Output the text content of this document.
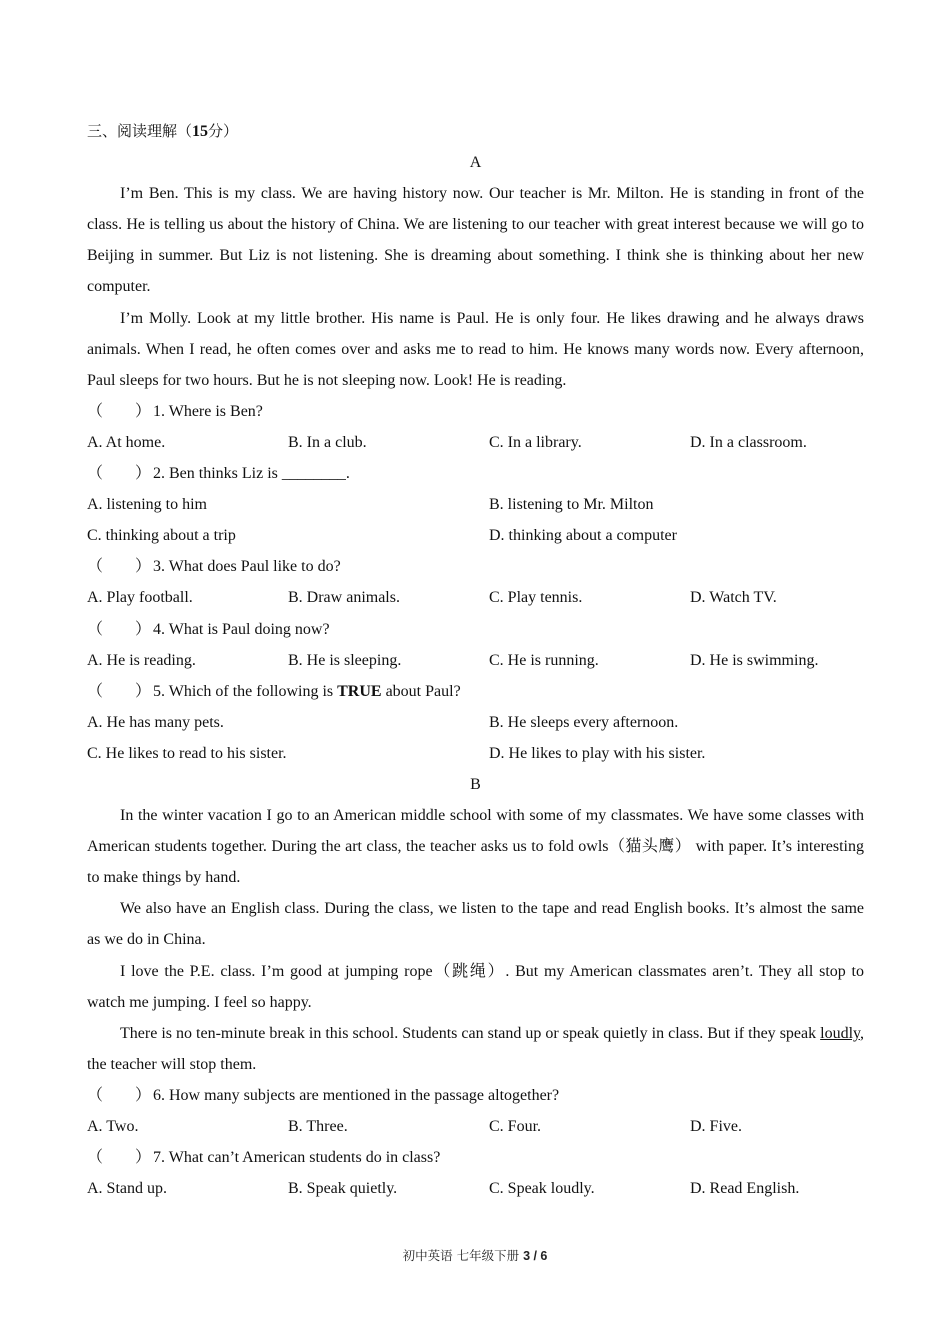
三、阅读理解（15分）
A
I’m Ben. This is my class. We are having history now. Our teacher is Mr. Milton. He is standing in front of the class. He is telling us about the history of China. We are listening to our teacher with great interest because we will go to Beijing in summer. But Liz is not listening. She is dreaming about something. I think she is thinking about her new computer.
I’m Molly. Look at my little brother. His name is Paul. He is only four. He likes drawing and he always draws animals. When I read, he often comes over and asks me to read to him. He knows many words now. Every afternoon, Paul sleeps for two hours. But he is not sleeping now. Look! He is reading.
（　　） 1. Where is Ben?
A. At home.	B. In a club.	C. In a library.	D. In a classroom.
（　　） 2. Ben thinks Liz is ________.
A. listening to him	B. listening to Mr. Milton
C. thinking about a trip	D. thinking about a computer
（　　） 3. What does Paul like to do?
A. Play football.	B. Draw animals.	C. Play tennis.	D. Watch TV.
（　　） 4. What is Paul doing now?
A. He is reading.	B. He is sleeping.	C. He is running.	D. He is swimming.
（　　） 5. Which of the following is TRUE about Paul?
A. He has many pets.	B. He sleeps every afternoon.
C. He likes to read to his sister.	D. He likes to play with his sister.
B
In the winter vacation I go to an American middle school with some of my classmates. We have some classes with American students together. During the art class, the teacher asks us to fold owls（猫头鹰） with paper. It’s interesting to make things by hand.
We also have an English class. During the class, we listen to the tape and read English books. It’s almost the same as we do in China.
I love the P.E. class. I’m good at jumping rope（跳绳）. But my American classmates aren’t. They all stop to watch me jumping. I feel so happy.
There is no ten-minute break in this school. Students can stand up or speak quietly in class. But if they speak loudly, the teacher will stop them.
（　　） 6. How many subjects are mentioned in the passage altogether?
A. Two.	B. Three.	C. Four.	D. Five.
（　　） 7. What can’t American students do in class?
A. Stand up.	B. Speak quietly.	C. Speak loudly.	D. Read English.
初中英语 七年级下册 3 / 6
